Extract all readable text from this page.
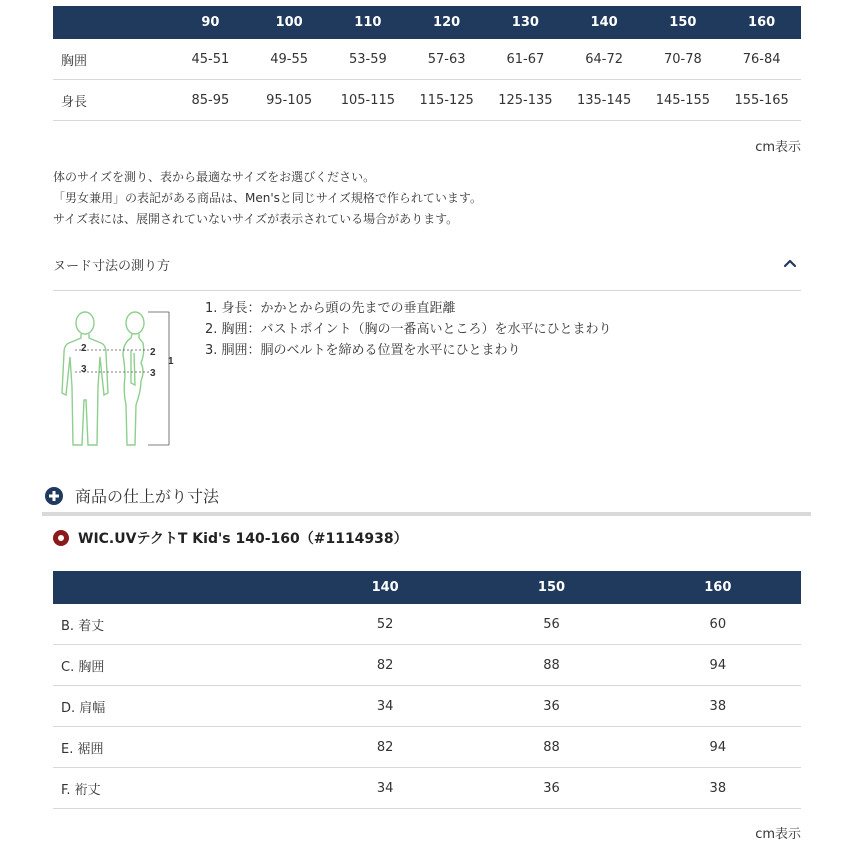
	90	100	110	120	130	140	150	160
胸囲	45-51	49-55	53-59	57-63	61-67	64-72	70-78	76-84
身長	85-95	95-105	105-115	115-125	125-135	135-145	145-155	155-165
cm表示
体のサイズを測り、表から最適なサイズをお選びください。
「男女兼用」の表記がある商品は、Men'sと同じサイズ規格で作られています。
サイズ表には、展開されていないサイズが表示されている場合があります。
ヌード寸法の測り方
2
3
2
3
1
1. 身長：かかとから頭の先までの垂直距離
2. 胸囲：バストポイント（胸の一番高いところ）を水平にひとまわり
3. 胴囲：胴のベルトを締める位置を水平にひとまわり
商品の仕上がり寸法
WIC.UVテクトT Kid's 140-160（#1114938）
	140	150	160
B. 着丈	52	56	60
C. 胸囲	82	88	94
D. 肩幅	34	36	38
E. 裾囲	82	88	94
F. 裄丈	34	36	38
cm表示
